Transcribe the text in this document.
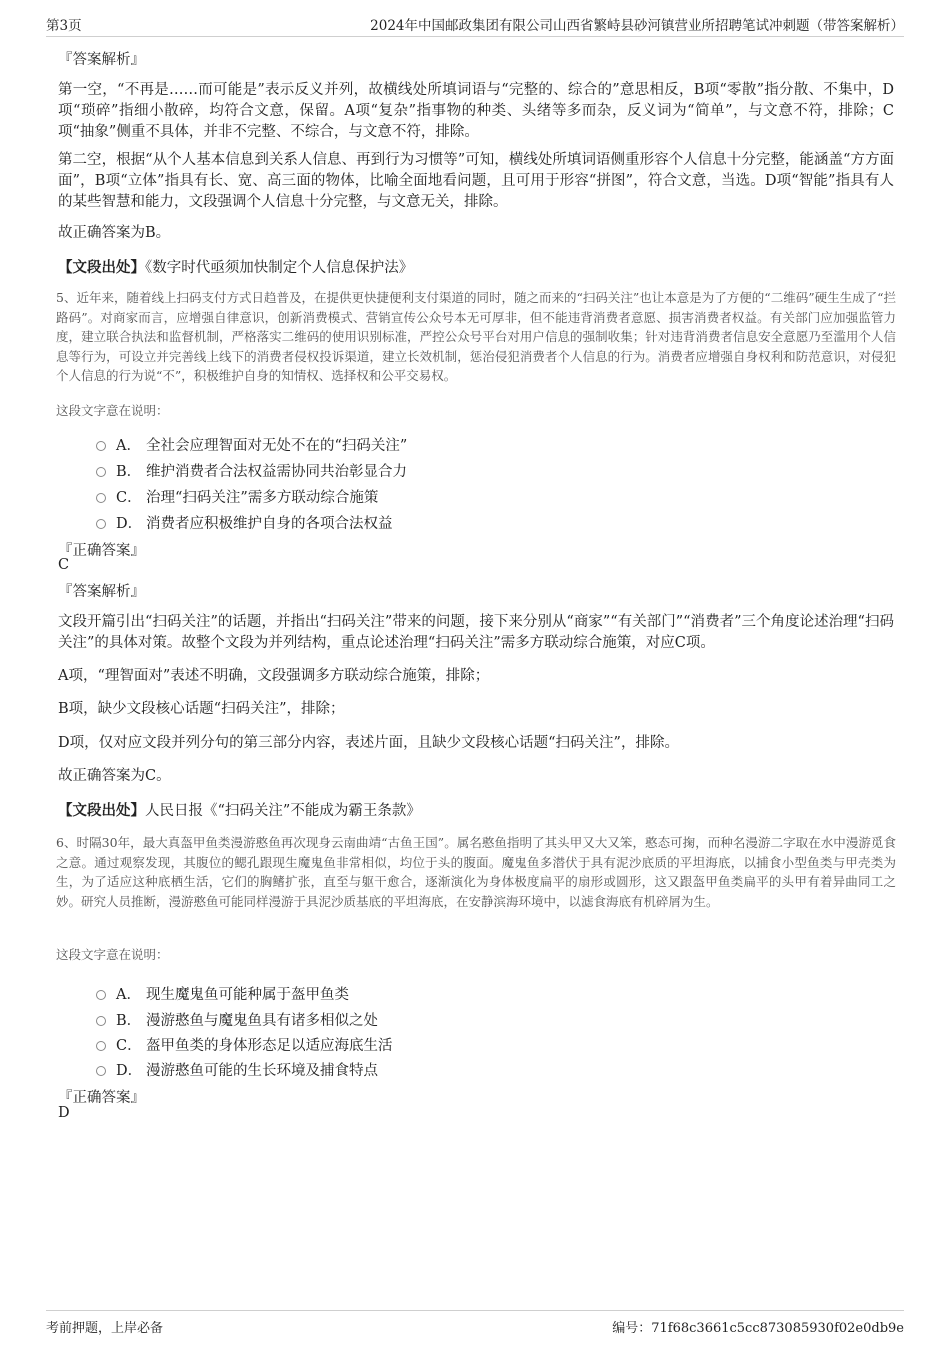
第3页	2024年中国邮政集团有限公司山西省繁峙县砂河镇营业所招聘笔试冲刺题（带答案解析）

『答案解析』

第一空，“不再是……而可能是”表示反义并列，故横线处所填词语与“完整的、综合的”意思相反，B项“零散”指分散、不集中，D项“琐碎”指细小散碎，均符合文意，保留。A项“复杂”指事物的种类、头绪等多而杂，反义词为“简单”，与文意不符，排除；C项“抽象”侧重不具体，并非不完整、不综合，与文意不符，排除。

第二空，根据“从个人基本信息到关系人信息、再到行为习惯等”可知，横线处所填词语侧重形容个人信息十分完整，能涵盖“方方面面”，B项“立体”指具有长、宽、高三面的物体，比喻全面地看问题，且可用于形容“拼图”，符合文意，当选。D项“智能”指具有人的某些智慧和能力，文段强调个人信息十分完整，与文意无关，排除。

故正确答案为B。

【文段出处】《数字时代亟须加快制定个人信息保护法》

5、近年来，随着线上扫码支付方式日趋普及，在提供更快捷便利支付渠道的同时，随之而来的“扫码关注”也让本意是为了方便的“二维码”硬生生成了“拦路码”。对商家而言，应增强自律意识，创新消费模式、营销宣传公众号本无可厚非，但不能违背消费者意愿、损害消费者权益。有关部门应加强监管力度，建立联合执法和监督机制，严格落实二维码的使用识别标准，严控公众号平台对用户信息的强制收集；针对违背消费者信息安全意愿乃至滥用个人信息等行为，可设立并完善线上线下的消费者侵权投诉渠道，建立长效机制，惩治侵犯消费者个人信息的行为。消费者应增强自身权利和防范意识，对侵犯个人信息的行为说“不”，积极维护自身的知情权、选择权和公平交易权。

这段文字意在说明：

A． 全社会应理智面对无处不在的“扫码关注”
B． 维护消费者合法权益需协同共治彰显合力
C． 治理“扫码关注”需多方联动综合施策
D． 消费者应积极维护自身的各项合法权益

『正确答案』

C

『答案解析』

文段开篇引出“扫码关注”的话题，并指出“扫码关注”带来的问题，接下来分别从“商家”“有关部门”“消费者”三个角度论述治理“扫码关注”的具体对策。故整个文段为并列结构，重点论述治理“扫码关注”需多方联动综合施策，对应C项。

A项，“理智面对”表述不明确，文段强调多方联动综合施策，排除；

B项，缺少文段核心话题“扫码关注”，排除；

D项，仅对应文段并列分句的第三部分内容，表述片面，且缺少文段核心话题“扫码关注”，排除。

故正确答案为C。

【文段出处】人民日报《“扫码关注”不能成为霸王条款》

6、时隔30年，最大真盔甲鱼类漫游憨鱼再次现身云南曲靖“古鱼王国”。属名憨鱼指明了其头甲又大又笨，憨态可掬，而种名漫游二字取在水中漫游觅食之意。通过观察发现，其腹位的鳃孔跟现生魔鬼鱼非常相似，均位于头的腹面。魔鬼鱼多潜伏于具有泥沙底质的平坦海底，以捕食小型鱼类与甲壳类为生，为了适应这种底栖生活，它们的胸鳍扩张，直至与躯干愈合，逐渐演化为身体极度扁平的扇形或圆形，这又跟盔甲鱼类扁平的头甲有着异曲同工之妙。研究人员推断，漫游憨鱼可能同样漫游于具泥沙质基底的平坦海底，在安静滨海环境中，以滤食海底有机碎屑为生。

这段文字意在说明：

A． 现生魔鬼鱼可能种属于盔甲鱼类
B． 漫游憨鱼与魔鬼鱼具有诸多相似之处
C． 盔甲鱼类的身体形态足以适应海底生活
D． 漫游憨鱼可能的生长环境及捕食特点

『正确答案』

D

考前押题，上岸必备	编号：71f68c3661c5cc873085930f02e0db9e
